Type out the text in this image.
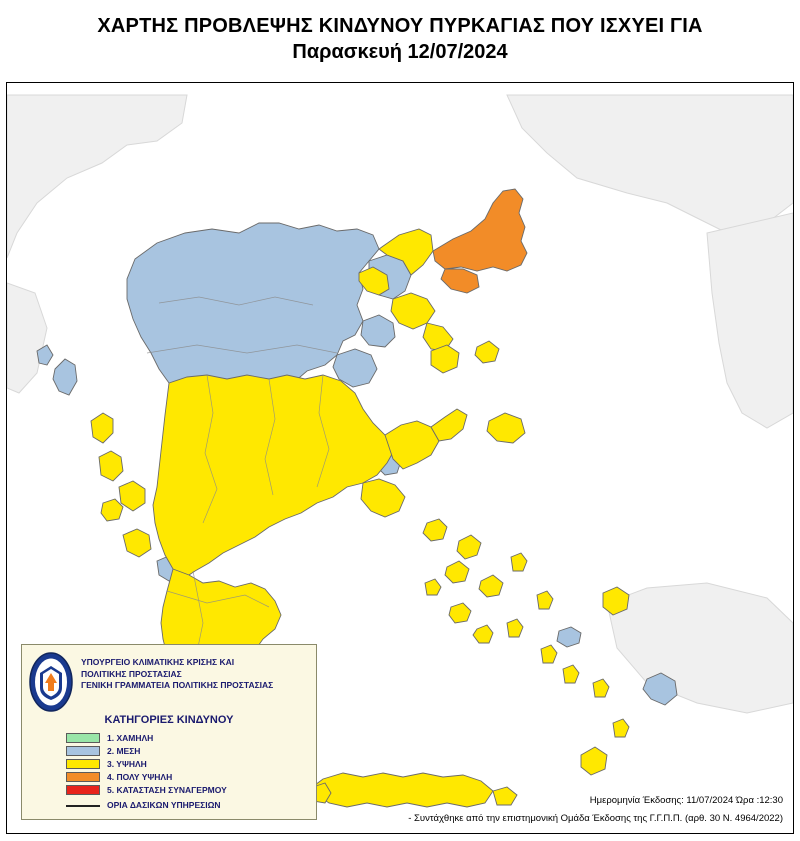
ΧΑΡΤΗΣ ΠΡΟΒΛΕΨΗΣ ΚΙΝΔΥΝΟΥ ΠΥΡΚΑΓΙΑΣ ΠΟΥ ΙΣΧΥΕΙ ΓΙΑ
Παρασκευή 12/07/2024
ΥΠΟΥΡΓΕΙΟ ΚΛΙΜΑΤΙΚΗΣ ΚΡΙΣΗΣ ΚΑΙ
ΠΟΛΙΤΙΚΗΣ ΠΡΟΣΤΑΣΙΑΣ
ΓΕΝΙΚΗ ΓΡΑΜΜΑΤΕΙΑ ΠΟΛΙΤΙΚΗΣ ΠΡΟΣΤΑΣΙΑΣ
ΚΑΤΗΓΟΡΙΕΣ ΚΙΝΔΥΝΟΥ
1. ΧΑΜΗΛΗ
2. ΜΕΣΗ
3. ΥΨΗΛΗ
4. ΠΟΛΥ ΥΨΗΛΗ
5. ΚΑΤΑΣΤΑΣΗ ΣΥΝΑΓΕΡΜΟΥ
ΟΡΙΑ ΔΑΣΙΚΩΝ ΥΠΗΡΕΣΙΩΝ	Ημερομηνία Έκδοσης: 11/07/2024 Ώρα :12:30
- Συντάχθηκε από την επιστημονική Ομάδα Έκδοσης της Γ.Γ.Π.Π. (αρθ. 30 Ν. 4964/2022)
